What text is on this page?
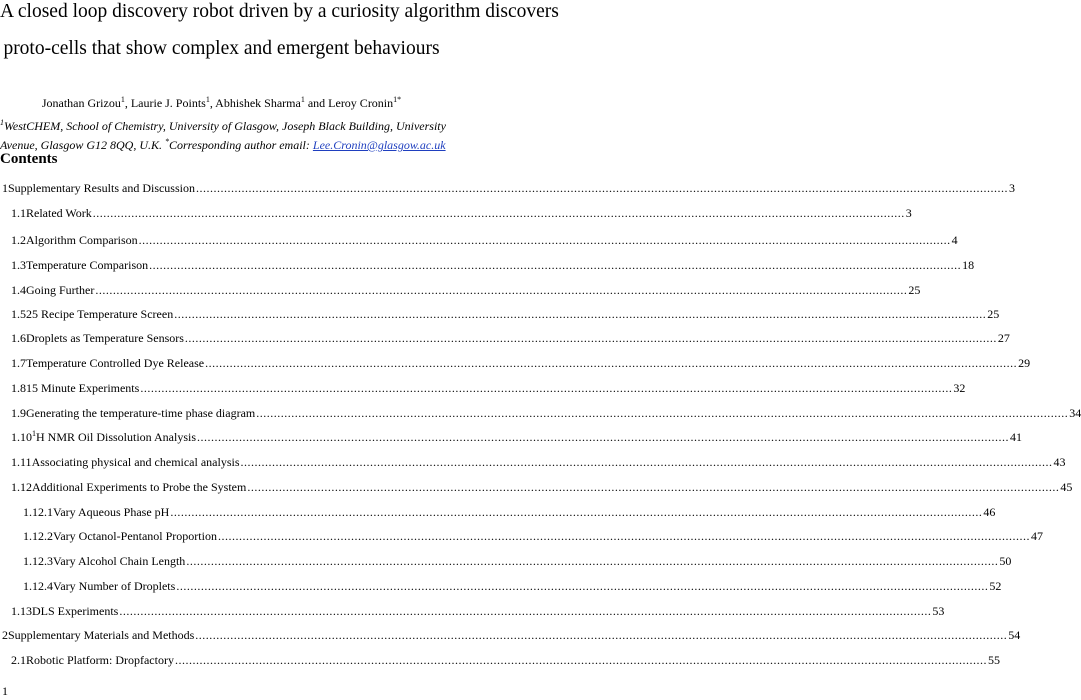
A closed loop discovery robot driven by a curiosity algorithm discovers
proto-cells that show complex and emergent behaviours
Jonathan Grizou$^1$, Laurie J. Points$^1$, Abhishek Sharma$^1$ and Leroy Cronin$^{1*}$
$^1$WestCHEM, School of Chemistry, University of Glasgow, Joseph Black Building, University
Avenue, Glasgow G12 8QQ, U.K. *Corresponding author email: Lee.Cronin@glasgow.ac.uk
Contents
1 Supplementary Results and Discussion .....	3
1.1 Related Work .....	3
1.2 Algorithm Comparison .....	4
1.3 Temperature Comparison .....	18
1.4 Going Further .....	25
1.5 25 Recipe Temperature Screen .....	25
1.6 Droplets as Temperature Sensors .....	27
1.7 Temperature Controlled Dye Release .....	29
1.8 15 Minute Experiments .....	32
1.9 Generating the temperature-time phase diagram .....	34
1.10 $^1$H NMR Oil Dissolution Analysis .....	41
1.11 Associating physical and chemical analysis .....	43
1.12 Additional Experiments to Probe the System .....	45
1.12.1 Vary Aqueous Phase pH .....	46
1.12.2 Vary Octanol-Pentanol Proportion .....	47
1.12.3 Vary Alcohol Chain Length .....	50
1.12.4 Vary Number of Droplets .....	52
1.13 DLS Experiments .....	53
2 Supplementary Materials and Methods .....	54
2.1 Robotic Platform: Dropfactory .....	55
1
